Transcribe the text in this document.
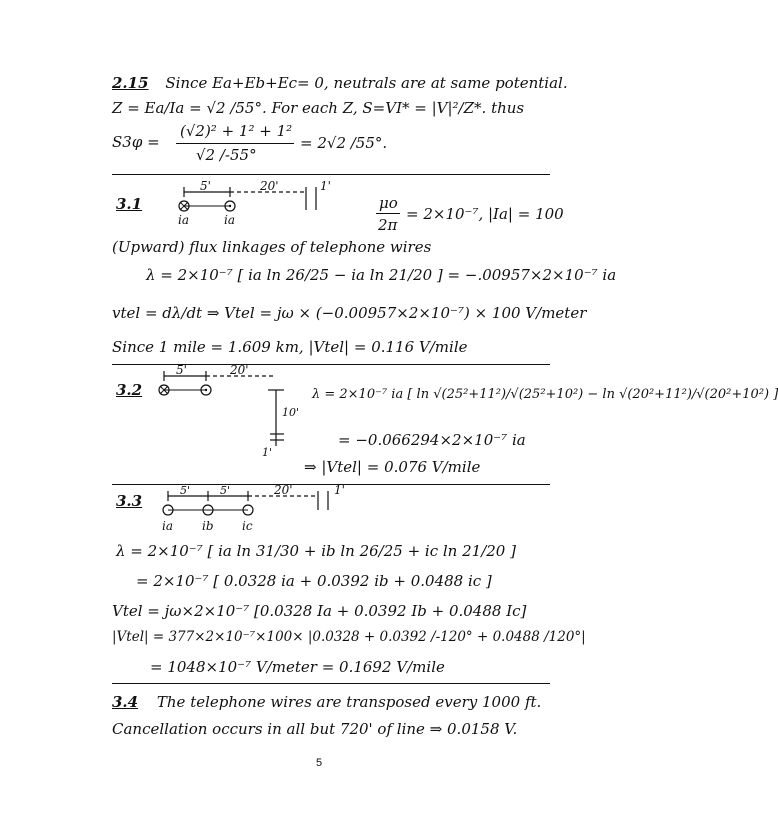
2.15 Since Ea+Eb+Ec= 0, neutrals are at same potential.
Z = Ea/Ia = √2 /55°. For each Z, S=VI* = |V|²/Z*. thus
S3φ =
(√2)² + 1² + 1²
√2 /-55°
= 2√2 /55°.
3.1
5'	20'	1'
ia	ia
μo
2π
= 2×10⁻⁷, |Ia| = 100
(Upward) flux linkages of telephone wires
λ = 2×10⁻⁷ [ ia ln 26/25 − ia ln 21/20 ] = −.00957×2×10⁻⁷ ia
vtel = dλ/dt ⇒ Vtel = jω × (−0.00957×2×10⁻⁷) × 100 V/meter
Since 1 mile = 1.609 km, |Vtel| = 0.116 V/mile
3.2
5'	20'
10'
1'
λ = 2×10⁻⁷ ia [ ln √(25²+11²)/√(25²+10²) − ln √(20²+11²)/√(20²+10²) ]
= −0.066294×2×10⁻⁷ ia
⇒ |Vtel| = 0.076 V/mile
3.3
5'	5'	20'	1'
ia ib ic
λ = 2×10⁻⁷ [ ia ln 31/30 + ib ln 26/25 + ic ln 21/20 ]
= 2×10⁻⁷ [ 0.0328 ia + 0.0392 ib + 0.0488 ic ]
Vtel = jω×2×10⁻⁷ [0.0328 Ia + 0.0392 Ib + 0.0488 Ic]
|Vtel| = 377×2×10⁻⁷×100× |0.0328 + 0.0392 /-120° + 0.0488 /120°|
= 1048×10⁻⁷ V/meter = 0.1692 V/mile
3.4 The telephone wires are transposed every 1000 ft.
Cancellation occurs in all but 720' of line ⇒ 0.0158 V.
5
